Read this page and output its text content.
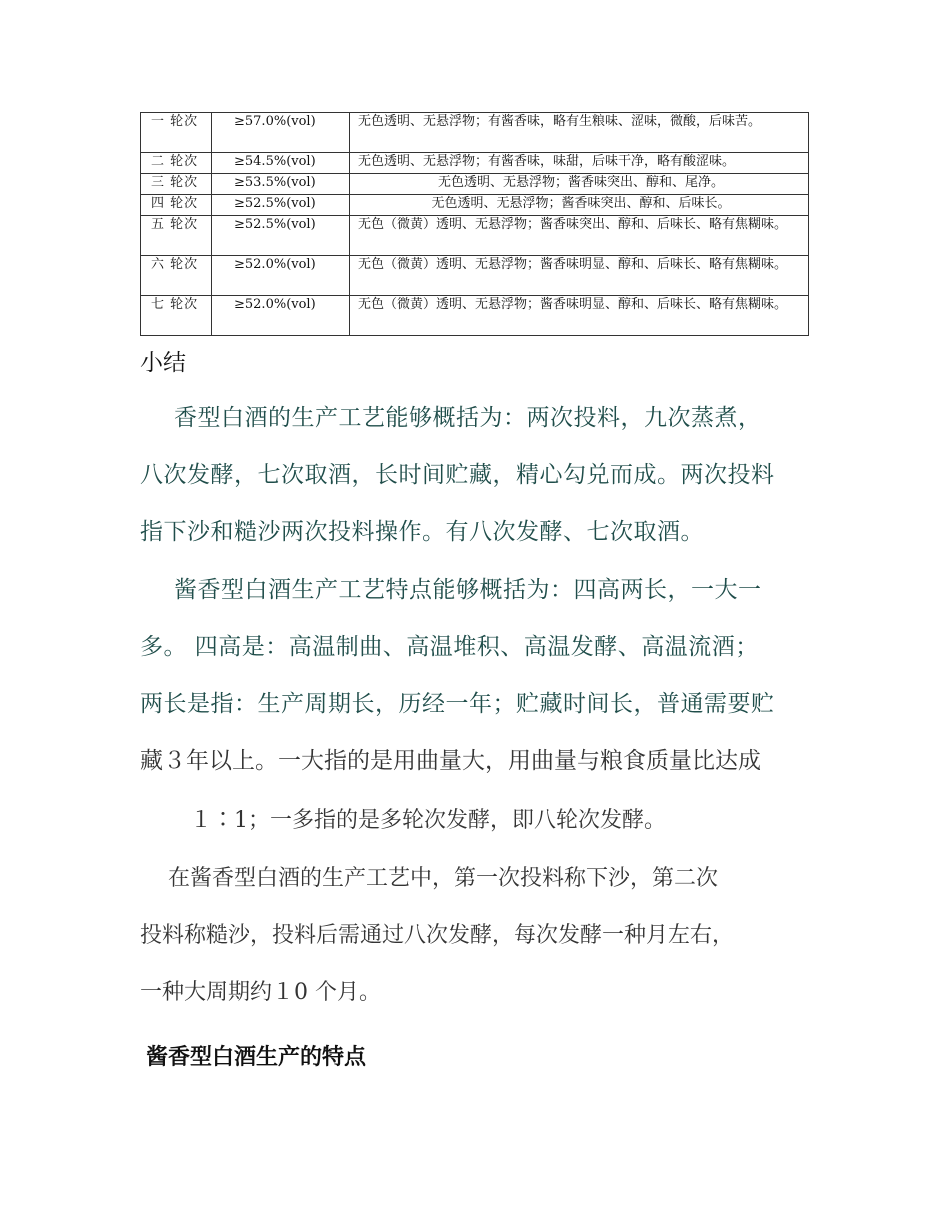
一 轮次	≥57.0%(vol)	无色透明、无悬浮物；有酱香味，略有生粮味、涩味，微酸，后味苦。
二 轮次	≥54.5%(vol)	无色透明、无悬浮物；有酱香味，味甜，后味干净，略有酸涩味。
三 轮次	≥53.5%(vol)	无色透明、无悬浮物；酱香味突出、醇和、尾净。
四 轮次	≥52.5%(vol)	无色透明、无悬浮物；酱香味突出、醇和、后味长。
五 轮次	≥52.5%(vol)	无色（微黄）透明、无悬浮物；酱香味突出、醇和、后味长、略有焦糊味。
六 轮次	≥52.0%(vol)	无色（微黄）透明、无悬浮物；酱香味明显、醇和、后味长、略有焦糊味。
七 轮次	≥52.0%(vol)	无色（微黄）透明、无悬浮物；酱香味明显、醇和、后味长、略有焦糊味。
小结

香型白酒的生产工艺能够概括为：两次投料，九次蒸煮，
八次发酵，七次取酒，长时间贮藏，精心勾兑而成。两次投料
指下沙和糙沙两次投料操作。有八次发酵、七次取酒。

酱香型白酒生产工艺特点能够概括为：四高两长，一大一
多。 四高是：高温制曲、高温堆积、高温发酵、高温流酒；
两长是指：生产周期长，历经一年；贮藏时间长，普通需要贮
藏３年以上。一大指的是用曲量大，用曲量与粮食质量比达成

１∶1；一多指的是多轮次发酵，即八轮次发酵。

在酱香型白酒的生产工艺中，第一次投料称下沙，第二次
投料称糙沙，投料后需通过八次发酵，每次发酵一种月左右，
一种大周期约１0 个月。

酱香型白酒生产的特点
